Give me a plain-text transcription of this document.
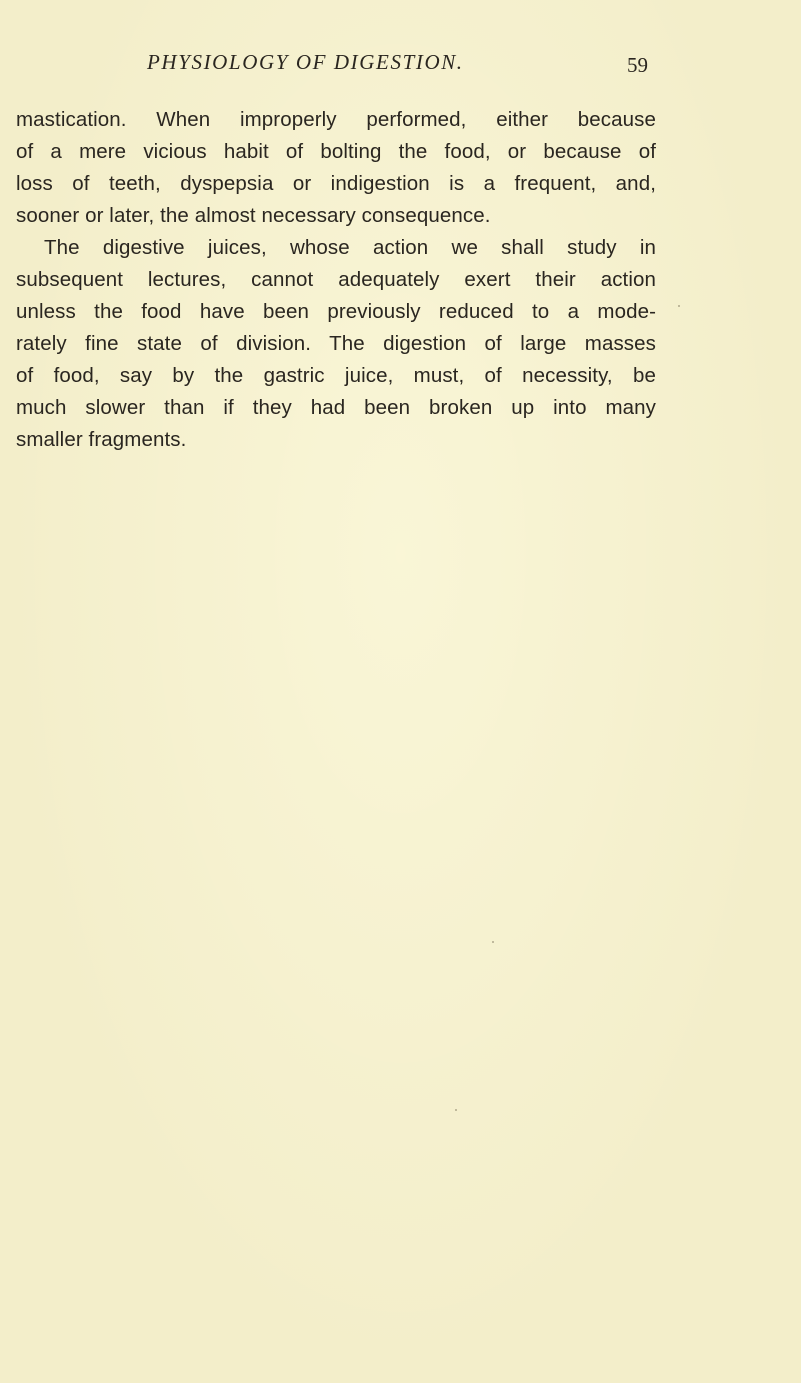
PHYSIOLOGY OF DIGESTION.	59
mastication. When improperly performed, either because
of a mere vicious habit of bolting the food, or because of
loss of teeth, dyspepsia or indigestion is a frequent, and,
sooner or later, the almost necessary consequence.
The digestive juices, whose action we shall study in
subsequent lectures, cannot adequately exert their action
unless the food have been previously reduced to a mode-
rately fine state of division. The digestion of large masses
of food, say by the gastric juice, must, of necessity, be
much slower than if they had been broken up into many
smaller fragments.
